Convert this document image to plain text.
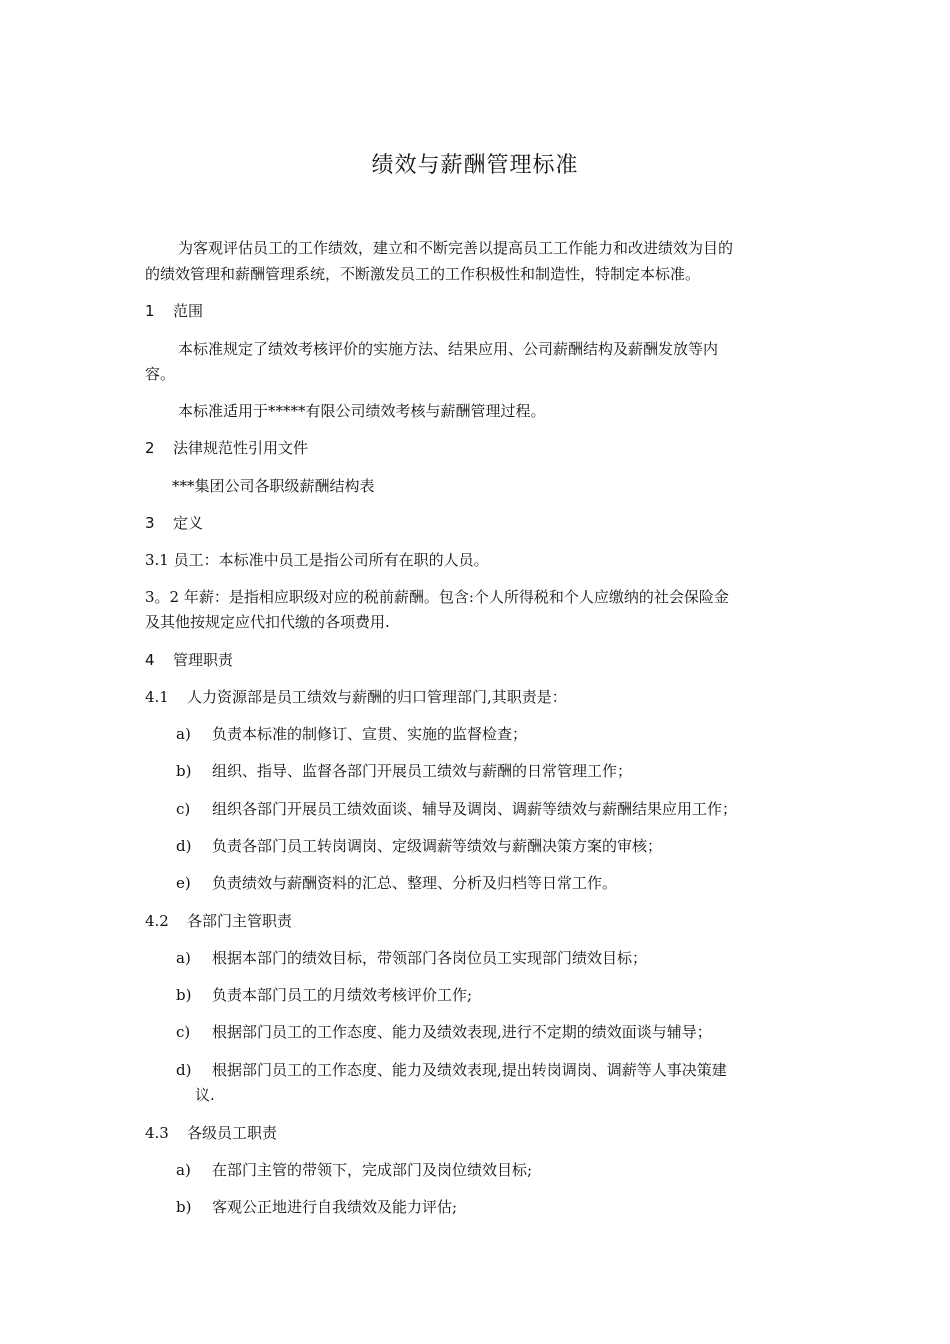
绩效与薪酬管理标准
为客观评估员工的工作绩效，建立和不断完善以提高员工工作能力和改进绩效为目的
的绩效管理和薪酬管理系统，不断激发员工的工作积极性和制造性，特制定本标准。
1 范围
本标准规定了绩效考核评价的实施方法、结果应用、公司薪酬结构及薪酬发放等内
容。
本标准适用于*****有限公司绩效考核与薪酬管理过程。
2 法律规范性引用文件
***集团公司各职级薪酬结构表
3 定义
3.1 员工：本标准中员工是指公司所有在职的人员。
3。2 年薪：是指相应职级对应的税前薪酬。包含:个人所得税和个人应缴纳的社会保险金
及其他按规定应代扣代缴的各项费用.
4 管理职责
4.1 人力资源部是员工绩效与薪酬的归口管理部门,其职责是：
a) 负责本标准的制修订、宣贯、实施的监督检查；
b) 组织、指导、监督各部门开展员工绩效与薪酬的日常管理工作；
c) 组织各部门开展员工绩效面谈、辅导及调岗、调薪等绩效与薪酬结果应用工作；
d) 负责各部门员工转岗调岗、定级调薪等绩效与薪酬决策方案的审核；
e) 负责绩效与薪酬资料的汇总、整理、分析及归档等日常工作。
4.2 各部门主管职责
a) 根据本部门的绩效目标，带领部门各岗位员工实现部门绩效目标；
b) 负责本部门员工的月绩效考核评价工作;
c) 根据部门员工的工作态度、能力及绩效表现,进行不定期的绩效面谈与辅导；
d) 根据部门员工的工作态度、能力及绩效表现,提出转岗调岗、调薪等人事决策建
议.
4.3 各级员工职责
a) 在部门主管的带领下，完成部门及岗位绩效目标;
b) 客观公正地进行自我绩效及能力评估;
